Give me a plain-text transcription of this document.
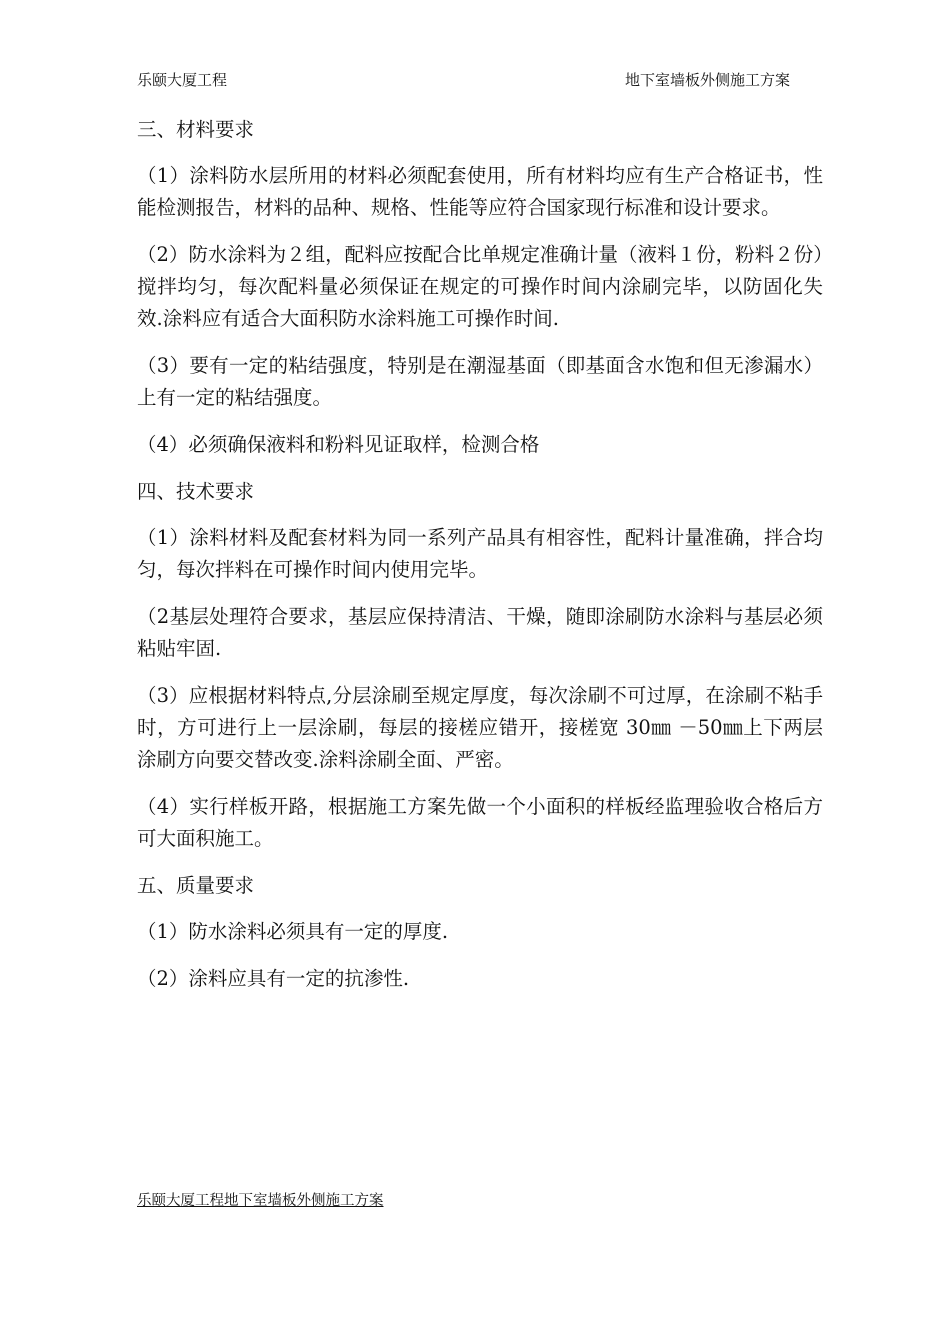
乐颐大厦工程	地下室墙板外侧施工方案

三、材料要求

（1）涂料防水层所用的材料必须配套使用，所有材料均应有生产合格证书，性能检测报告，材料的品种、规格、性能等应符合国家现行标准和设计要求。

（2）防水涂料为２组，配料应按配合比单规定准确计量（液料１份，粉料２份）搅拌均匀，每次配料量必须保证在规定的可操作时间内涂刷完毕，以防固化失效.涂料应有适合大面积防水涂料施工可操作时间.

（3）要有一定的粘结强度，特别是在潮湿基面（即基面含水饱和但无渗漏水）上有一定的粘结强度。

（4）必须确保液料和粉料见证取样，检测合格

四、技术要求

（1）涂料材料及配套材料为同一系列产品具有相容性，配料计量准确，拌合均匀，每次拌料在可操作时间内使用完毕。

（2基层处理符合要求，基层应保持清洁、干燥，随即涂刷防水涂料与基层必须粘贴牢固.

（3）应根据材料特点,分层涂刷至规定厚度，每次涂刷不可过厚，在涂刷不粘手时，方可进行上一层涂刷，每层的接槎应错开，接槎宽 30㎜ －50㎜上下两层涂刷方向要交替改变.涂料涂刷全面、严密。

（4）实行样板开路，根据施工方案先做一个小面积的样板经监理验收合格后方可大面积施工。

五、质量要求

（1）防水涂料必须具有一定的厚度.

（2）涂料应具有一定的抗渗性.

乐颐大厦工程地下室墙板外侧施工方案
